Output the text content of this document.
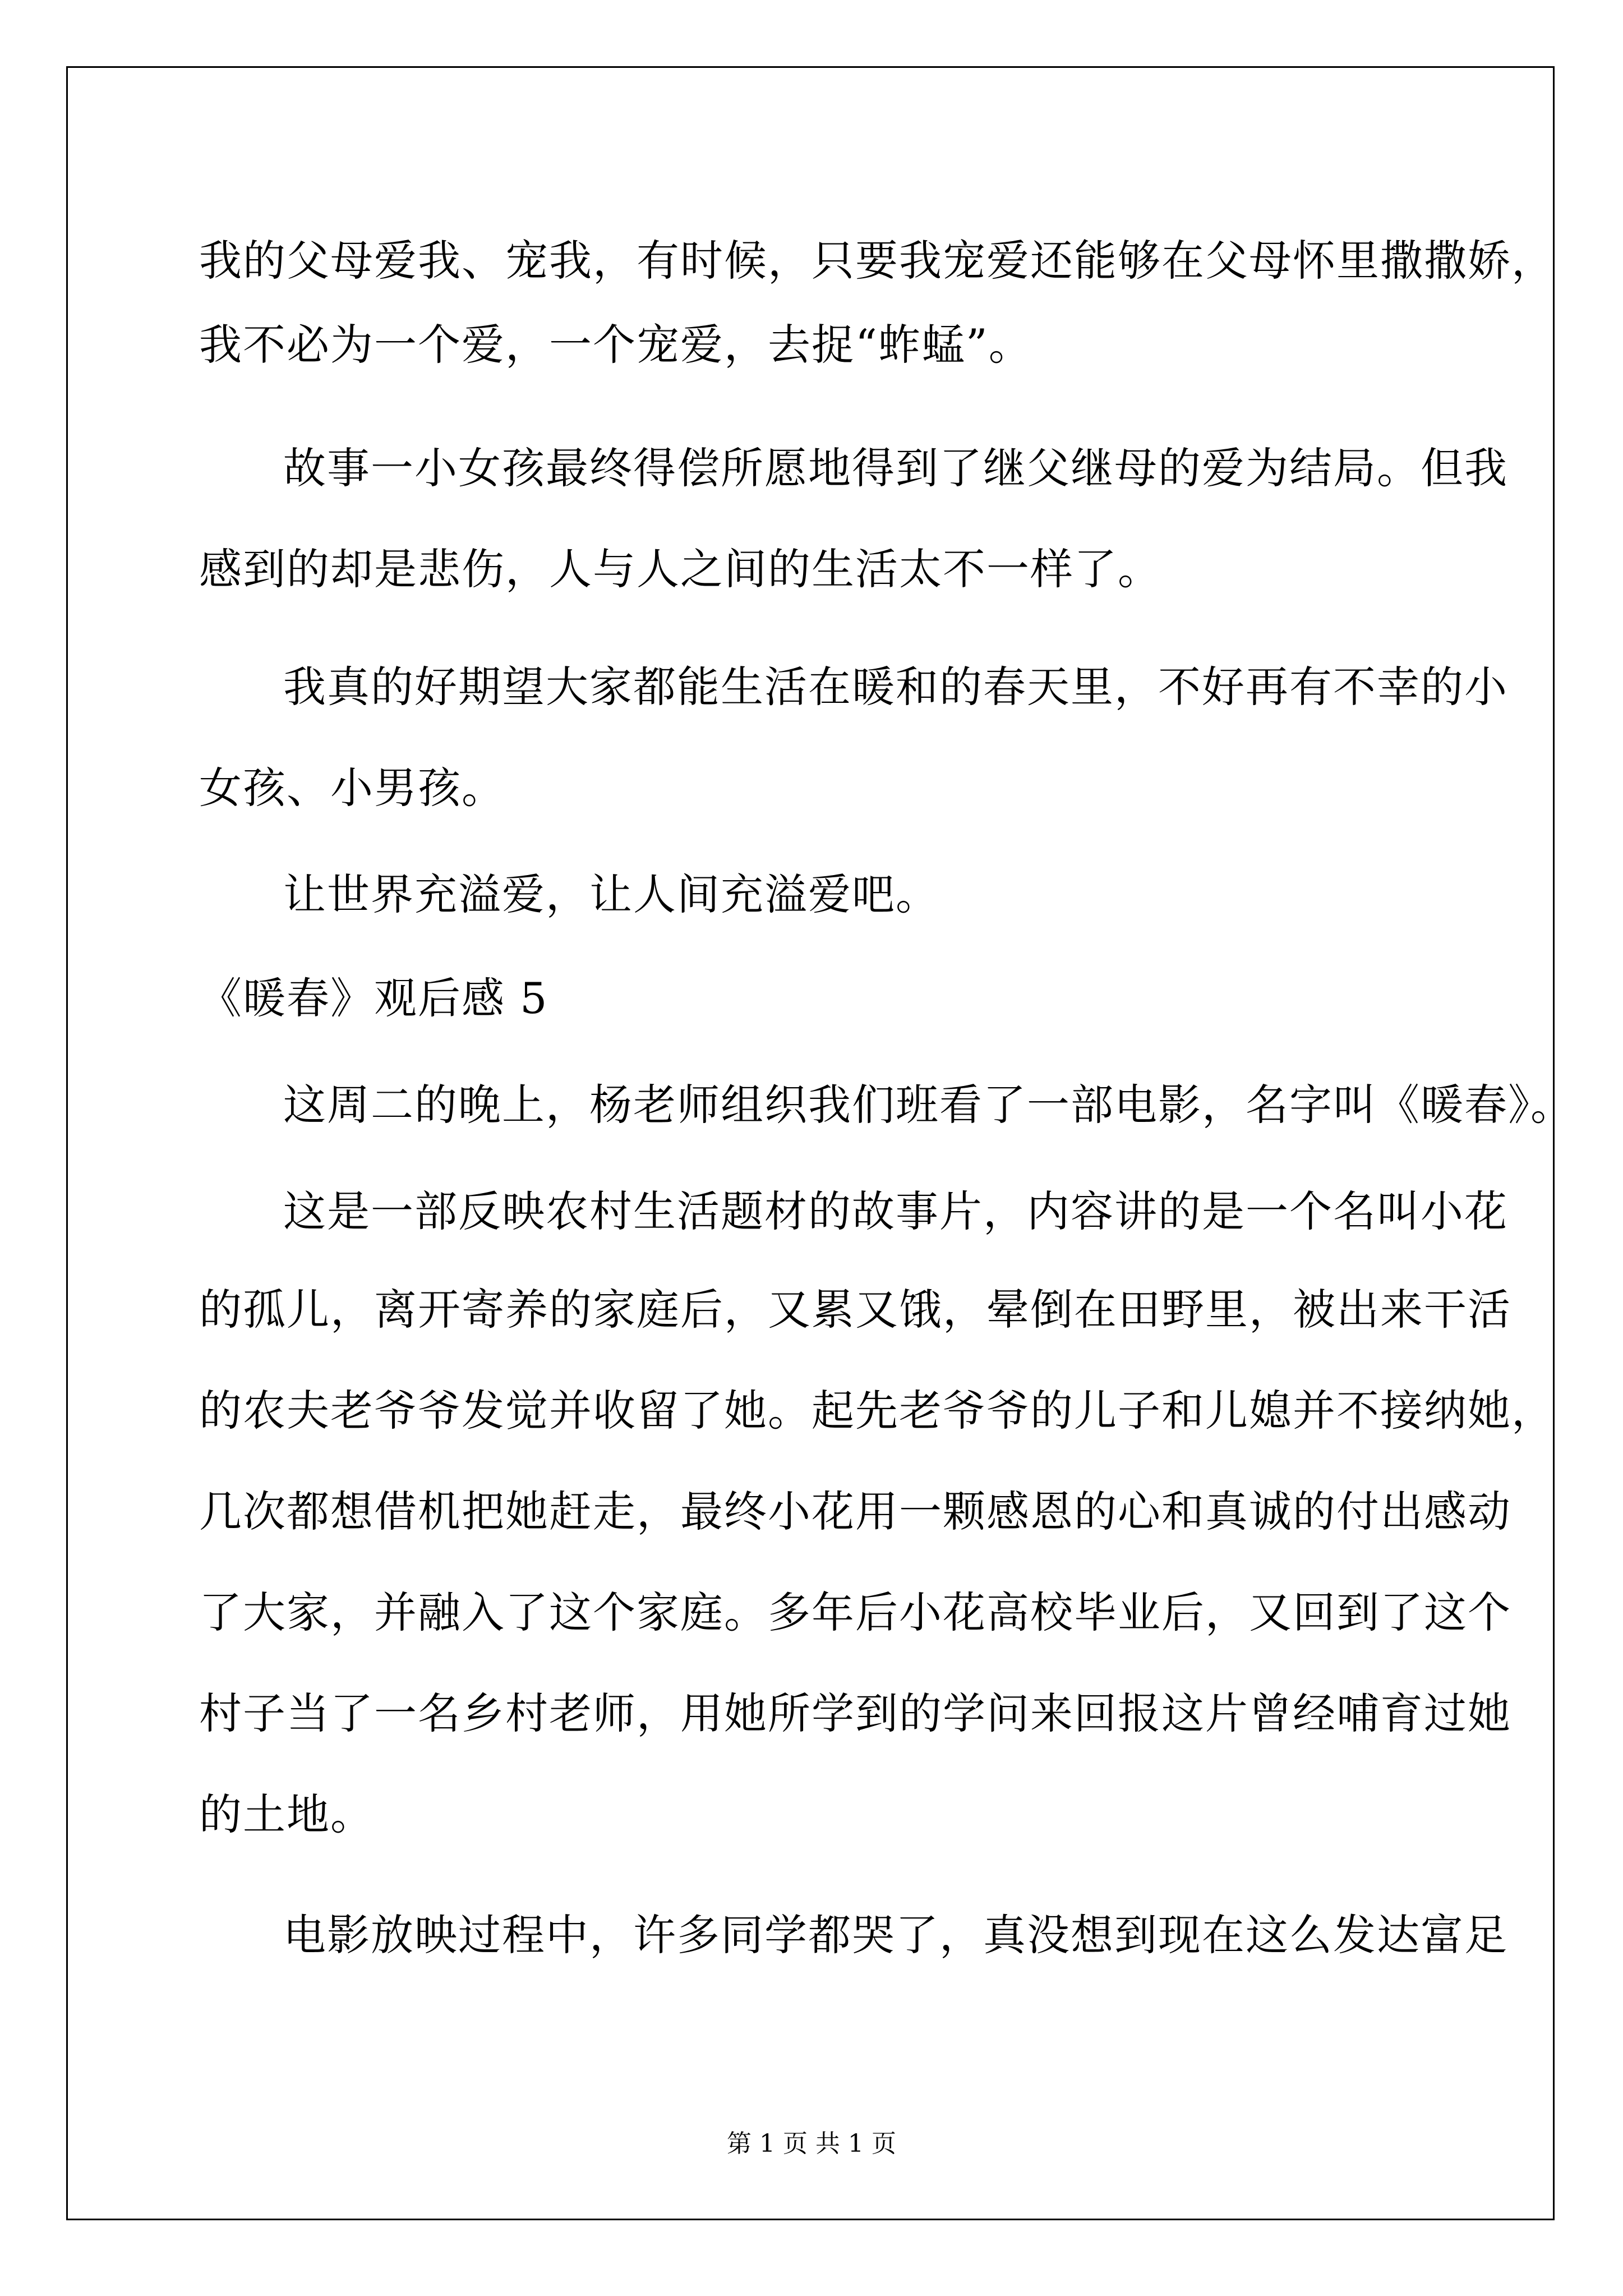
我的父母爱我、宠我，有时候，只要我宠爱还能够在父母怀里撒撒娇，
我不必为一个爱，一个宠爱，去捉“蚱蜢”。
故事一小女孩最终得偿所愿地得到了继父继母的爱为结局。但我
感到的却是悲伤，人与人之间的生活太不一样了。
我真的好期望大家都能生活在暖和的春天里，不好再有不幸的小
女孩、小男孩。
让世界充溢爱，让人间充溢爱吧。
《暖春》观后感 5
这周二的晚上，杨老师组织我们班看了一部电影，名字叫《暖春》。
这是一部反映农村生活题材的故事片，内容讲的是一个名叫小花
的孤儿，离开寄养的家庭后，又累又饿，晕倒在田野里，被出来干活
的农夫老爷爷发觉并收留了她。起先老爷爷的儿子和儿媳并不接纳她，
几次都想借机把她赶走，最终小花用一颗感恩的心和真诚的付出感动
了大家，并融入了这个家庭。多年后小花高校毕业后，又回到了这个
村子当了一名乡村老师，用她所学到的学问来回报这片曾经哺育过她
的土地。
电影放映过程中，许多同学都哭了，真没想到现在这么发达富足
第 1 页 共 1 页
